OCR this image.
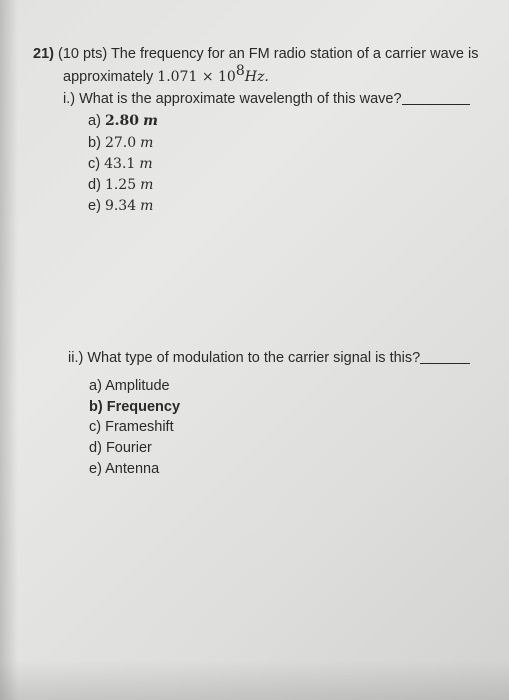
21) (10 pts) The frequency for an FM radio station of a carrier wave is
approximately $1.071 \times 10^8Hz$.
i.) What is the approximate wavelength of this wave?
a) 2.80 m
b) 27.0 m
c) 43.1 m
d) 1.25 m
e) 9.34 m
ii.) What type of modulation to the carrier signal is this?
a) Amplitude
b) Frequency
c) Frameshift
d) Fourier
e) Antenna
